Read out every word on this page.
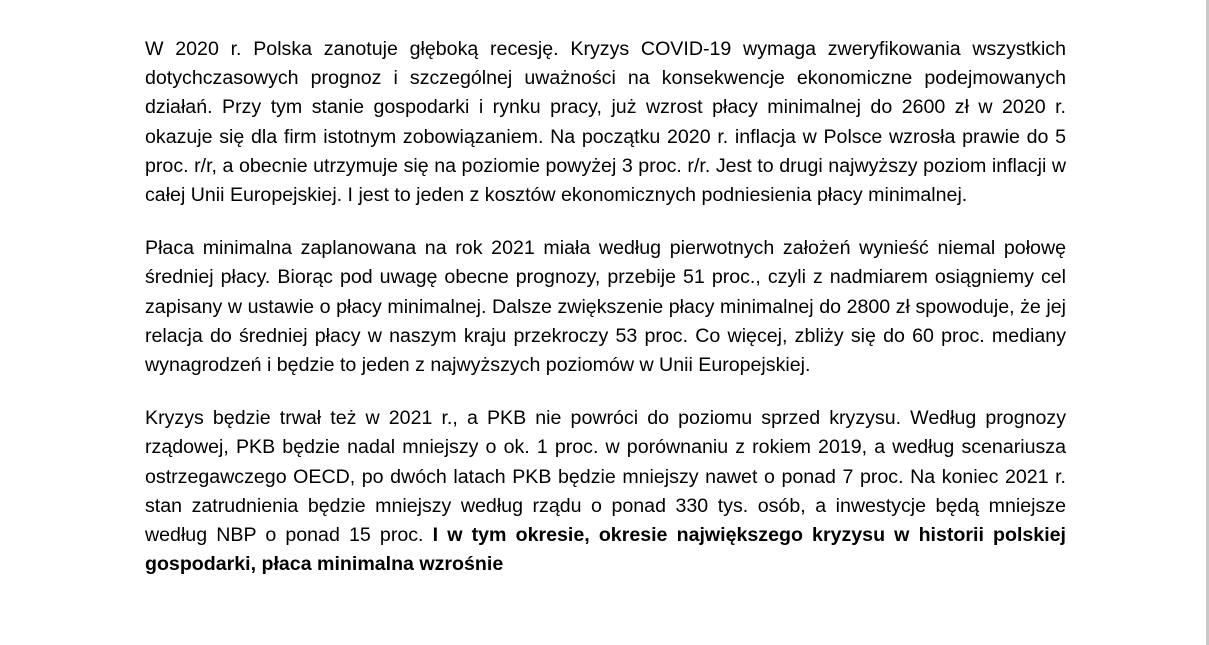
W 2020 r. Polska zanotuje głęboką recesję. Kryzys COVID-19 wymaga zweryfikowania wszystkich dotychczasowych prognoz i szczególnej uważności na konsekwencje ekonomiczne podejmowanych działań. Przy tym stanie gospodarki i rynku pracy, już wzrost płacy minimalnej do 2600 zł w 2020 r. okazuje się dla firm istotnym zobowiązaniem. Na początku 2020 r. inflacja w Polsce wzrosła prawie do 5 proc. r/r, a obecnie utrzymuje się na poziomie powyżej 3 proc. r/r. Jest to drugi najwyższy poziom inflacji w całej Unii Europejskiej. I jest to jeden z kosztów ekonomicznych podniesienia płacy minimalnej.

Płaca minimalna zaplanowana na rok 2021 miała według pierwotnych założeń wynieść niemal połowę średniej płacy. Biorąc pod uwagę obecne prognozy, przebije 51 proc., czyli z nadmiarem osiągniemy cel zapisany w ustawie o płacy minimalnej. Dalsze zwiększenie płacy minimalnej do 2800 zł spowoduje, że jej relacja do średniej płacy w naszym kraju przekroczy 53 proc. Co więcej, zbliży się do 60 proc. mediany wynagrodzeń i będzie to jeden z najwyższych poziomów w Unii Europejskiej.

Kryzys będzie trwał też w 2021 r., a PKB nie powróci do poziomu sprzed kryzysu. Według prognozy rządowej, PKB będzie nadal mniejszy o ok. 1 proc. w porównaniu z rokiem 2019, a według scenariusza ostrzegawczego OECD, po dwóch latach PKB będzie mniejszy nawet o ponad 7 proc. Na koniec 2021 r. stan zatrudnienia będzie mniejszy według rządu o ponad 330 tys. osób, a inwestycje będą mniejsze według NBP o ponad 15 proc. I w tym okresie, okresie największego kryzysu w historii polskiej gospodarki, płaca minimalna wzrośnie
